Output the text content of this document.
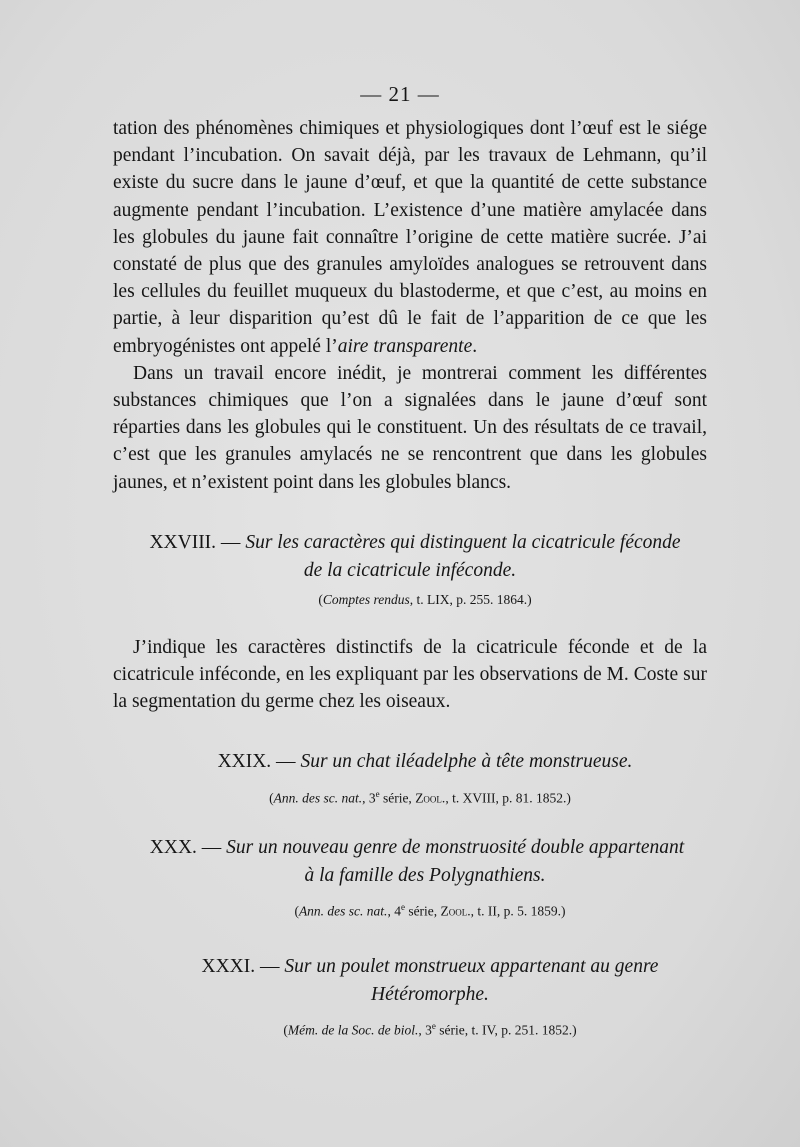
— 21 —

tation des phénomènes chimiques et physiologiques dont l’œuf est le siége pendant l’incubation. On savait déjà, par les travaux de Lehmann, qu’il existe du sucre dans le jaune d’œuf, et que la quantité de cette substance augmente pendant l’incubation. L’existence d’une matière amylacée dans les globules du jaune fait connaître l’origine de cette matière sucrée. J’ai constaté de plus que des granules amyloïdes analogues se retrouvent dans les cellules du feuillet muqueux du blastoderme, et que c’est, au moins en partie, à leur disparition qu’est dû le fait de l’apparition de ce que les embryogénistes ont appelé l’aire transparente.

Dans un travail encore inédit, je montrerai comment les différentes substances chimiques que l’on a signalées dans le jaune d’œuf sont réparties dans les globules qui le constituent. Un des résultats de ce travail, c’est que les granules amylacés ne se rencontrent que dans les globules jaunes, et n’existent point dans les globules blancs.

XXVIII. — Sur les caractères qui distinguent la cicatricule féconde

de la cicatricule inféconde.

(Comptes rendus, t. LIX, p. 255. 1864.)

J’indique les caractères distinctifs de la cicatricule féconde et de la cicatricule inféconde, en les expliquant par les observations de M. Coste sur la segmentation du germe chez les oiseaux.

XXIX. — Sur un chat iléadelphe à tête monstrueuse.

(Ann. des sc. nat., 3e série, Zool., t. XVIII, p. 81. 1852.)

XXX. — Sur un nouveau genre de monstruosité double appartenant

à la famille des Polygnathiens.

(Ann. des sc. nat., 4e série, Zool., t. II, p. 5. 1859.)

XXXI. — Sur un poulet monstrueux appartenant au genre

Hétéromorphe.

(Mém. de la Soc. de biol., 3e série, t. IV, p. 251. 1852.)
